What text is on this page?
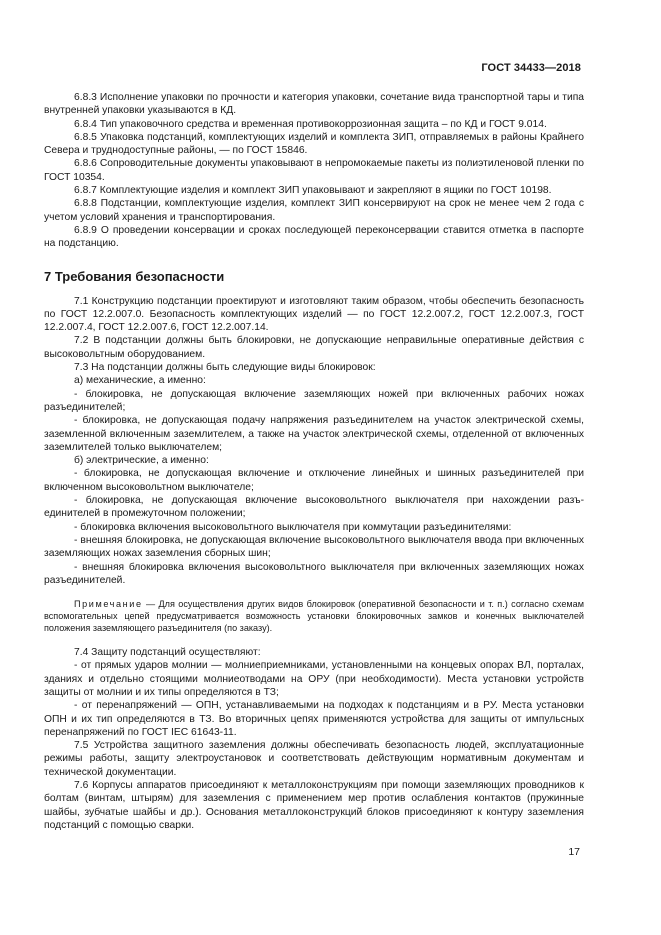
ГОСТ 34433—2018

6.8.3 Исполнение упаковки по прочности и категория упаковки, сочетание вида транспортной тары и типа внутренней упаковки указываются в КД.

6.8.4 Тип упаковочного средства и временная противокоррозионная защита – по КД и ГОСТ 9.014.

6.8.5 Упаковка подстанций, комплектующих изделий и комплекта ЗИП, отправляемых в районы Крайнего Севера и труднодоступные районы, — по ГОСТ 15846.

6.8.6 Сопроводительные документы упаковывают в непромокаемые пакеты из полиэтиленовой пленки по ГОСТ 10354.

6.8.7 Комплектующие изделия и комплект ЗИП упаковывают и закрепляют в ящики по ГОСТ 10198.

6.8.8 Подстанции, комплектующие изделия, комплект ЗИП консервируют на срок не менее чем 2 года с учетом условий хранения и транспортирования.

6.8.9 О проведении консервации и сроках последующей переконсервации ставится отметка в паспорте на подстанцию.

7 Требования безопасности

7.1 Конструкцию подстанции проектируют и изготовляют таким образом, чтобы обеспечить безопасность по ГОСТ 12.2.007.0. Безопасность комплектующих изделий — по ГОСТ 12.2.007.2, ГОСТ 12.2.007.3, ГОСТ 12.2.007.4, ГОСТ 12.2.007.6, ГОСТ 12.2.007.14.

7.2 В подстанции должны быть блокировки, не допускающие неправильные оперативные действия с высоковольтным оборудованием.

7.3 На подстанции должны быть следующие виды блокировок:

а) механические, а именно:

- блокировка, не допускающая включение заземляющих ножей при включенных рабочих ножах разъединителей;

- блокировка, не допускающая подачу напряжения разъединителем на участок электрической схемы, заземленной включенным заземлителем, а также на участок электрической схемы, отделенной от включенных заземлителей только выключателем;

б) электрические, а именно:

- блокировка, не допускающая включение и отключение линейных и шинных разъединителей при включенном высоковольтном выключателе;

- блокировка, не допускающая включение высоковольтного выключателя при нахождении разъединителей в промежуточном положении;

- блокировка включения высоковольтного выключателя при коммутации разъединителями:

- внешняя блокировка, не допускающая включение высоковольтного выключателя ввода при включенных заземляющих ножах заземления сборных шин;

- внешняя блокировка включения высоковольтного выключателя при включенных заземляющих ножах разъединителей.

Примечание — Для осуществления других видов блокировок (оперативной безопасности и т. п.) согласно схемам вспомогательных цепей предусматривается возможность установки блокировочных замков и конечных выключателей положения заземляющего разъединителя (по заказу).

7.4 Защиту подстанций осуществляют:

- от прямых ударов молнии — молниеприемниками, установленными на концевых опорах ВЛ, порталах, зданиях и отдельно стоящими молниеотводами на ОРУ (при необходимости). Места установки устройств защиты от молнии и их типы определяются в ТЗ;

- от перенапряжений — ОПН, устанавливаемыми на подходах к подстанциям и в РУ. Места установки ОПН и их тип определяются в ТЗ. Во вторичных цепях применяются устройства для защиты от импульсных перенапряжений по ГОСТ IEC 61643-11.

7.5 Устройства защитного заземления должны обеспечивать безопасность людей, эксплуатационные режимы работы, защиту электроустановок и соответствовать действующим нормативным документам и технической документации.

7.6 Корпусы аппаратов присоединяют к металлоконструкциям при помощи заземляющих проводников к болтам (винтам, штырям) для заземления с применением мер против ослабления контактов (пружинные шайбы, зубчатые шайбы и др.). Основания металлоконструкций блоков присоединяют к контуру заземления подстанций с помощью сварки.

17
